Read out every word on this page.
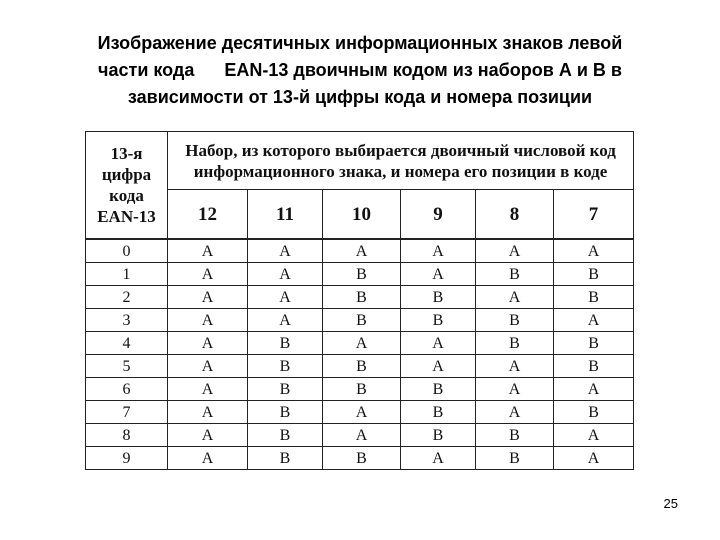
Изображение десятичных информационных знаков левой
части кода      EAN-13 двоичным кодом из наборов А и В в
зависимости от 13-й цифры кода и номера позиции
13-я
цифра
кода
EAN-13	Набор, из которого выбирается двоичный числовой код
информационного знака, и номера его позиции в коде					

	12	11	10	9	8	7
0	А	А	А	А	А	А
1	А	А	В	А	В	В
2	А	А	В	В	А	В
3	А	А	В	В	В	А
4	А	В	А	А	В	В
5	А	В	В	А	А	В
6	А	В	В	В	А	А
7	А	В	А	В	А	В
8	А	В	А	В	В	А
9	А	В	В	А	В	А
25
